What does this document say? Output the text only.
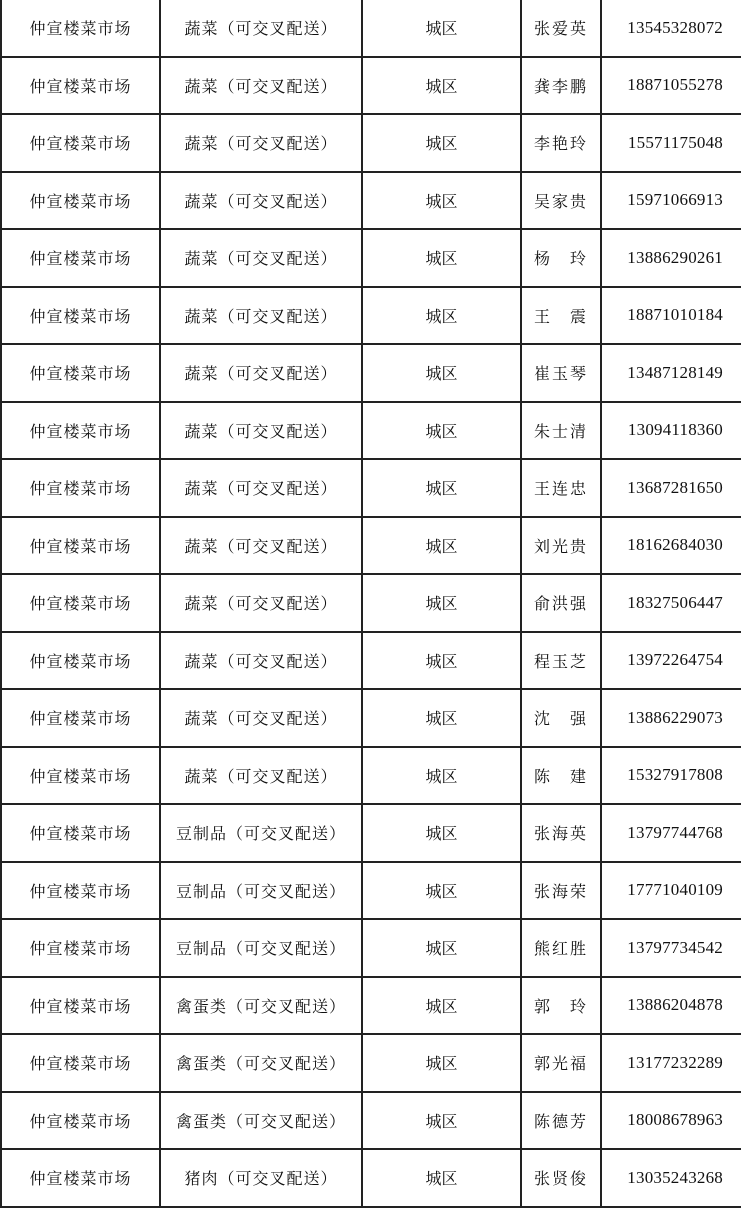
仲宣楼菜市场	蔬菜（可交叉配送）	城区	张爱英	13545328072
仲宣楼菜市场	蔬菜（可交叉配送）	城区	龚李鹏	18871055278
仲宣楼菜市场	蔬菜（可交叉配送）	城区	李艳玲	15571175048
仲宣楼菜市场	蔬菜（可交叉配送）	城区	吴家贵	15971066913
仲宣楼菜市场	蔬菜（可交叉配送）	城区	杨　玲	13886290261
仲宣楼菜市场	蔬菜（可交叉配送）	城区	王　震	18871010184
仲宣楼菜市场	蔬菜（可交叉配送）	城区	崔玉琴	13487128149
仲宣楼菜市场	蔬菜（可交叉配送）	城区	朱士清	13094118360
仲宣楼菜市场	蔬菜（可交叉配送）	城区	王连忠	13687281650
仲宣楼菜市场	蔬菜（可交叉配送）	城区	刘光贵	18162684030
仲宣楼菜市场	蔬菜（可交叉配送）	城区	俞洪强	18327506447
仲宣楼菜市场	蔬菜（可交叉配送）	城区	程玉芝	13972264754
仲宣楼菜市场	蔬菜（可交叉配送）	城区	沈　强	13886229073
仲宣楼菜市场	蔬菜（可交叉配送）	城区	陈　建	15327917808
仲宣楼菜市场	豆制品（可交叉配送）	城区	张海英	13797744768
仲宣楼菜市场	豆制品（可交叉配送）	城区	张海荣	17771040109
仲宣楼菜市场	豆制品（可交叉配送）	城区	熊红胜	13797734542
仲宣楼菜市场	禽蛋类（可交叉配送）	城区	郭　玲	13886204878
仲宣楼菜市场	禽蛋类（可交叉配送）	城区	郭光福	13177232289
仲宣楼菜市场	禽蛋类（可交叉配送）	城区	陈德芳	18008678963
仲宣楼菜市场	猪肉（可交叉配送）	城区	张贤俊	13035243268
